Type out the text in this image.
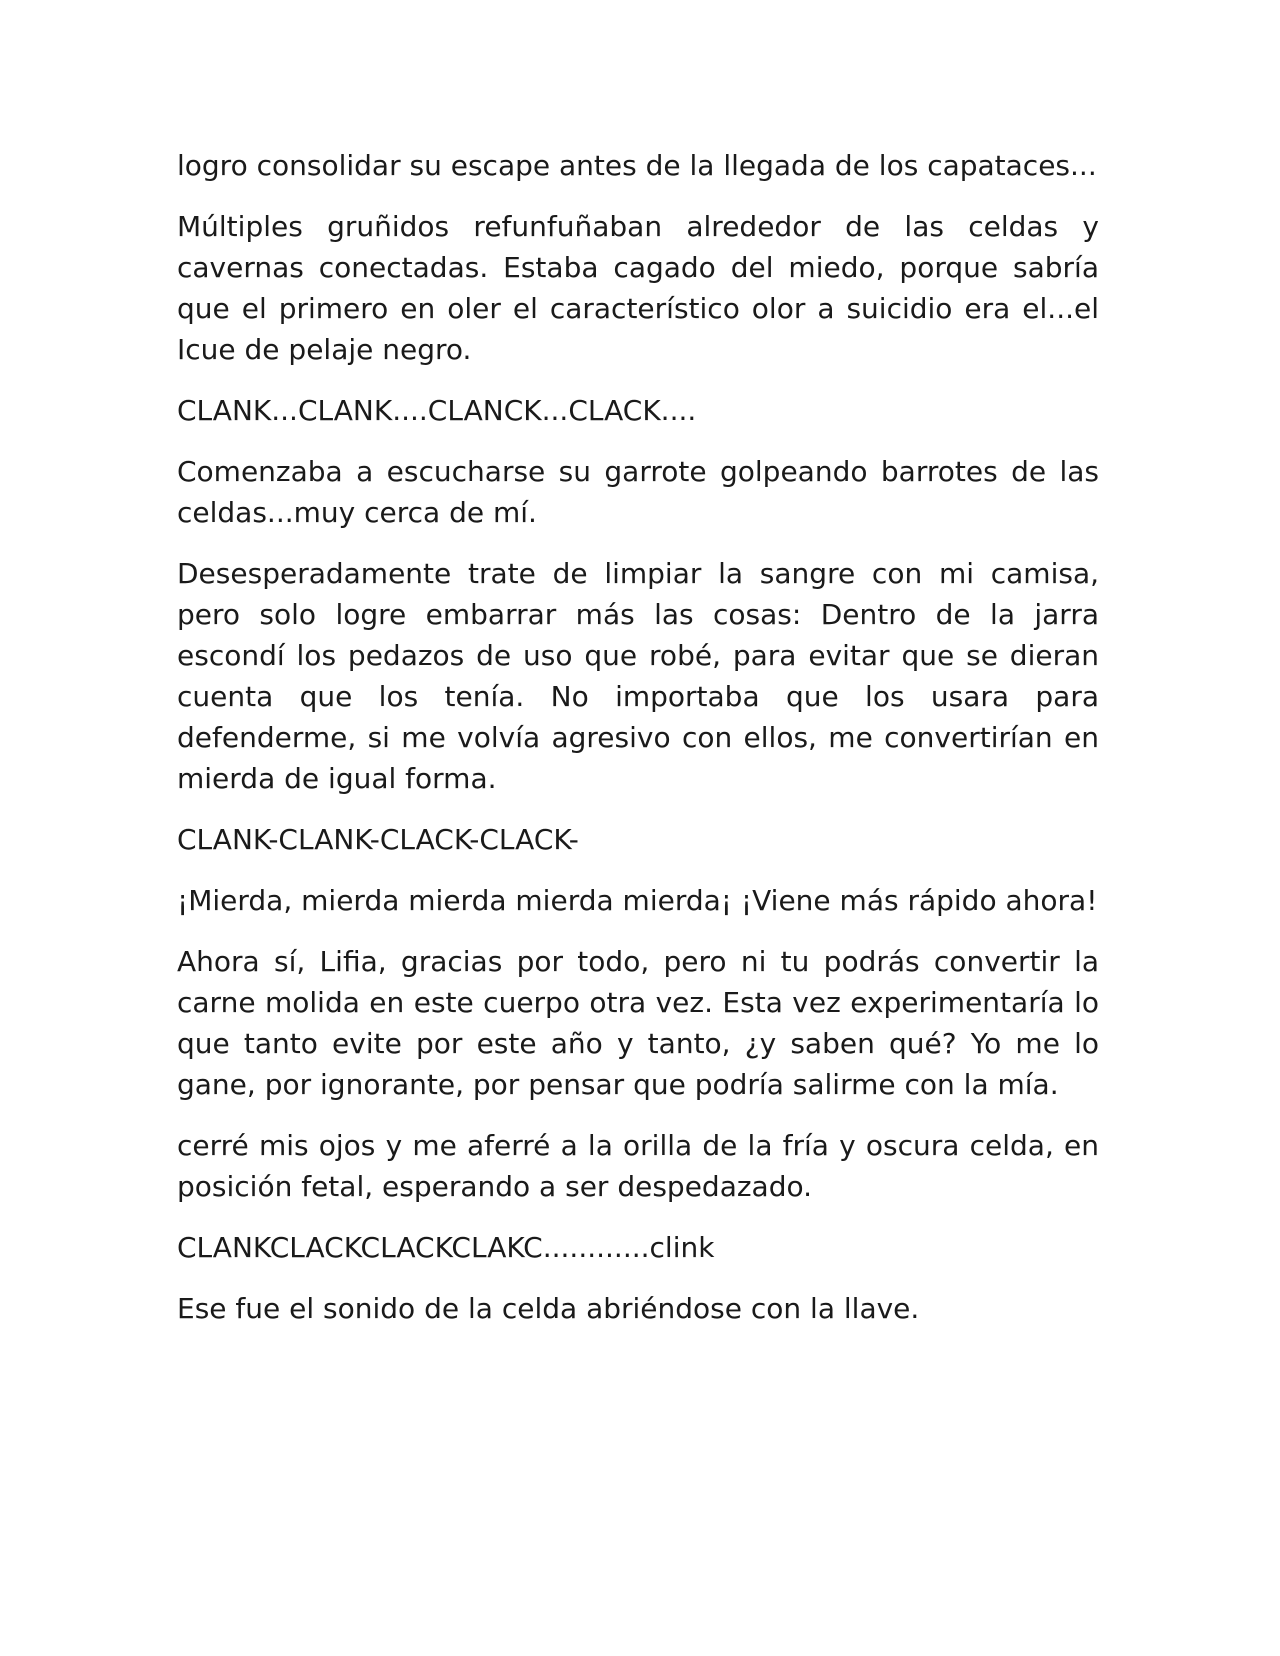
logro consolidar su escape antes de la llegada de los capataces...

Múltiples gruñidos refunfuñaban alrededor de las celdas y cavernas conectadas. Estaba cagado del miedo, porque sabría que el primero en oler el característico olor a suicidio era el...el Icue de pelaje negro.

CLANK...CLANK....CLANCK...CLACK....

Comenzaba a escucharse su garrote golpeando barrotes de las celdas...muy cerca de mí.

Desesperadamente trate de limpiar la sangre con mi camisa, pero solo logre embarrar más las cosas: Dentro de la jarra escondí los pedazos de uso que robé, para evitar que se dieran cuenta que los tenía. No importaba que los usara para defenderme, si me volvía agresivo con ellos, me convertirían en mierda de igual forma.

CLANK-CLANK-CLACK-CLACK-

¡Mierda, mierda mierda mierda mierda¡ ¡Viene más rápido ahora!

Ahora sí, Lifia, gracias por todo, pero ni tu podrás convertir la carne molida en este cuerpo otra vez. Esta vez experimentaría lo que tanto evite por este año y tanto, ¿y saben qué? Yo me lo gane, por ignorante, por pensar que podría salirme con la mía.

cerré mis ojos y me aferré a la orilla de la fría y oscura celda, en posición fetal, esperando a ser despedazado.

CLANKCLACKCLACKCLAKC............clink

Ese fue el sonido de la celda abriéndose con la llave.
